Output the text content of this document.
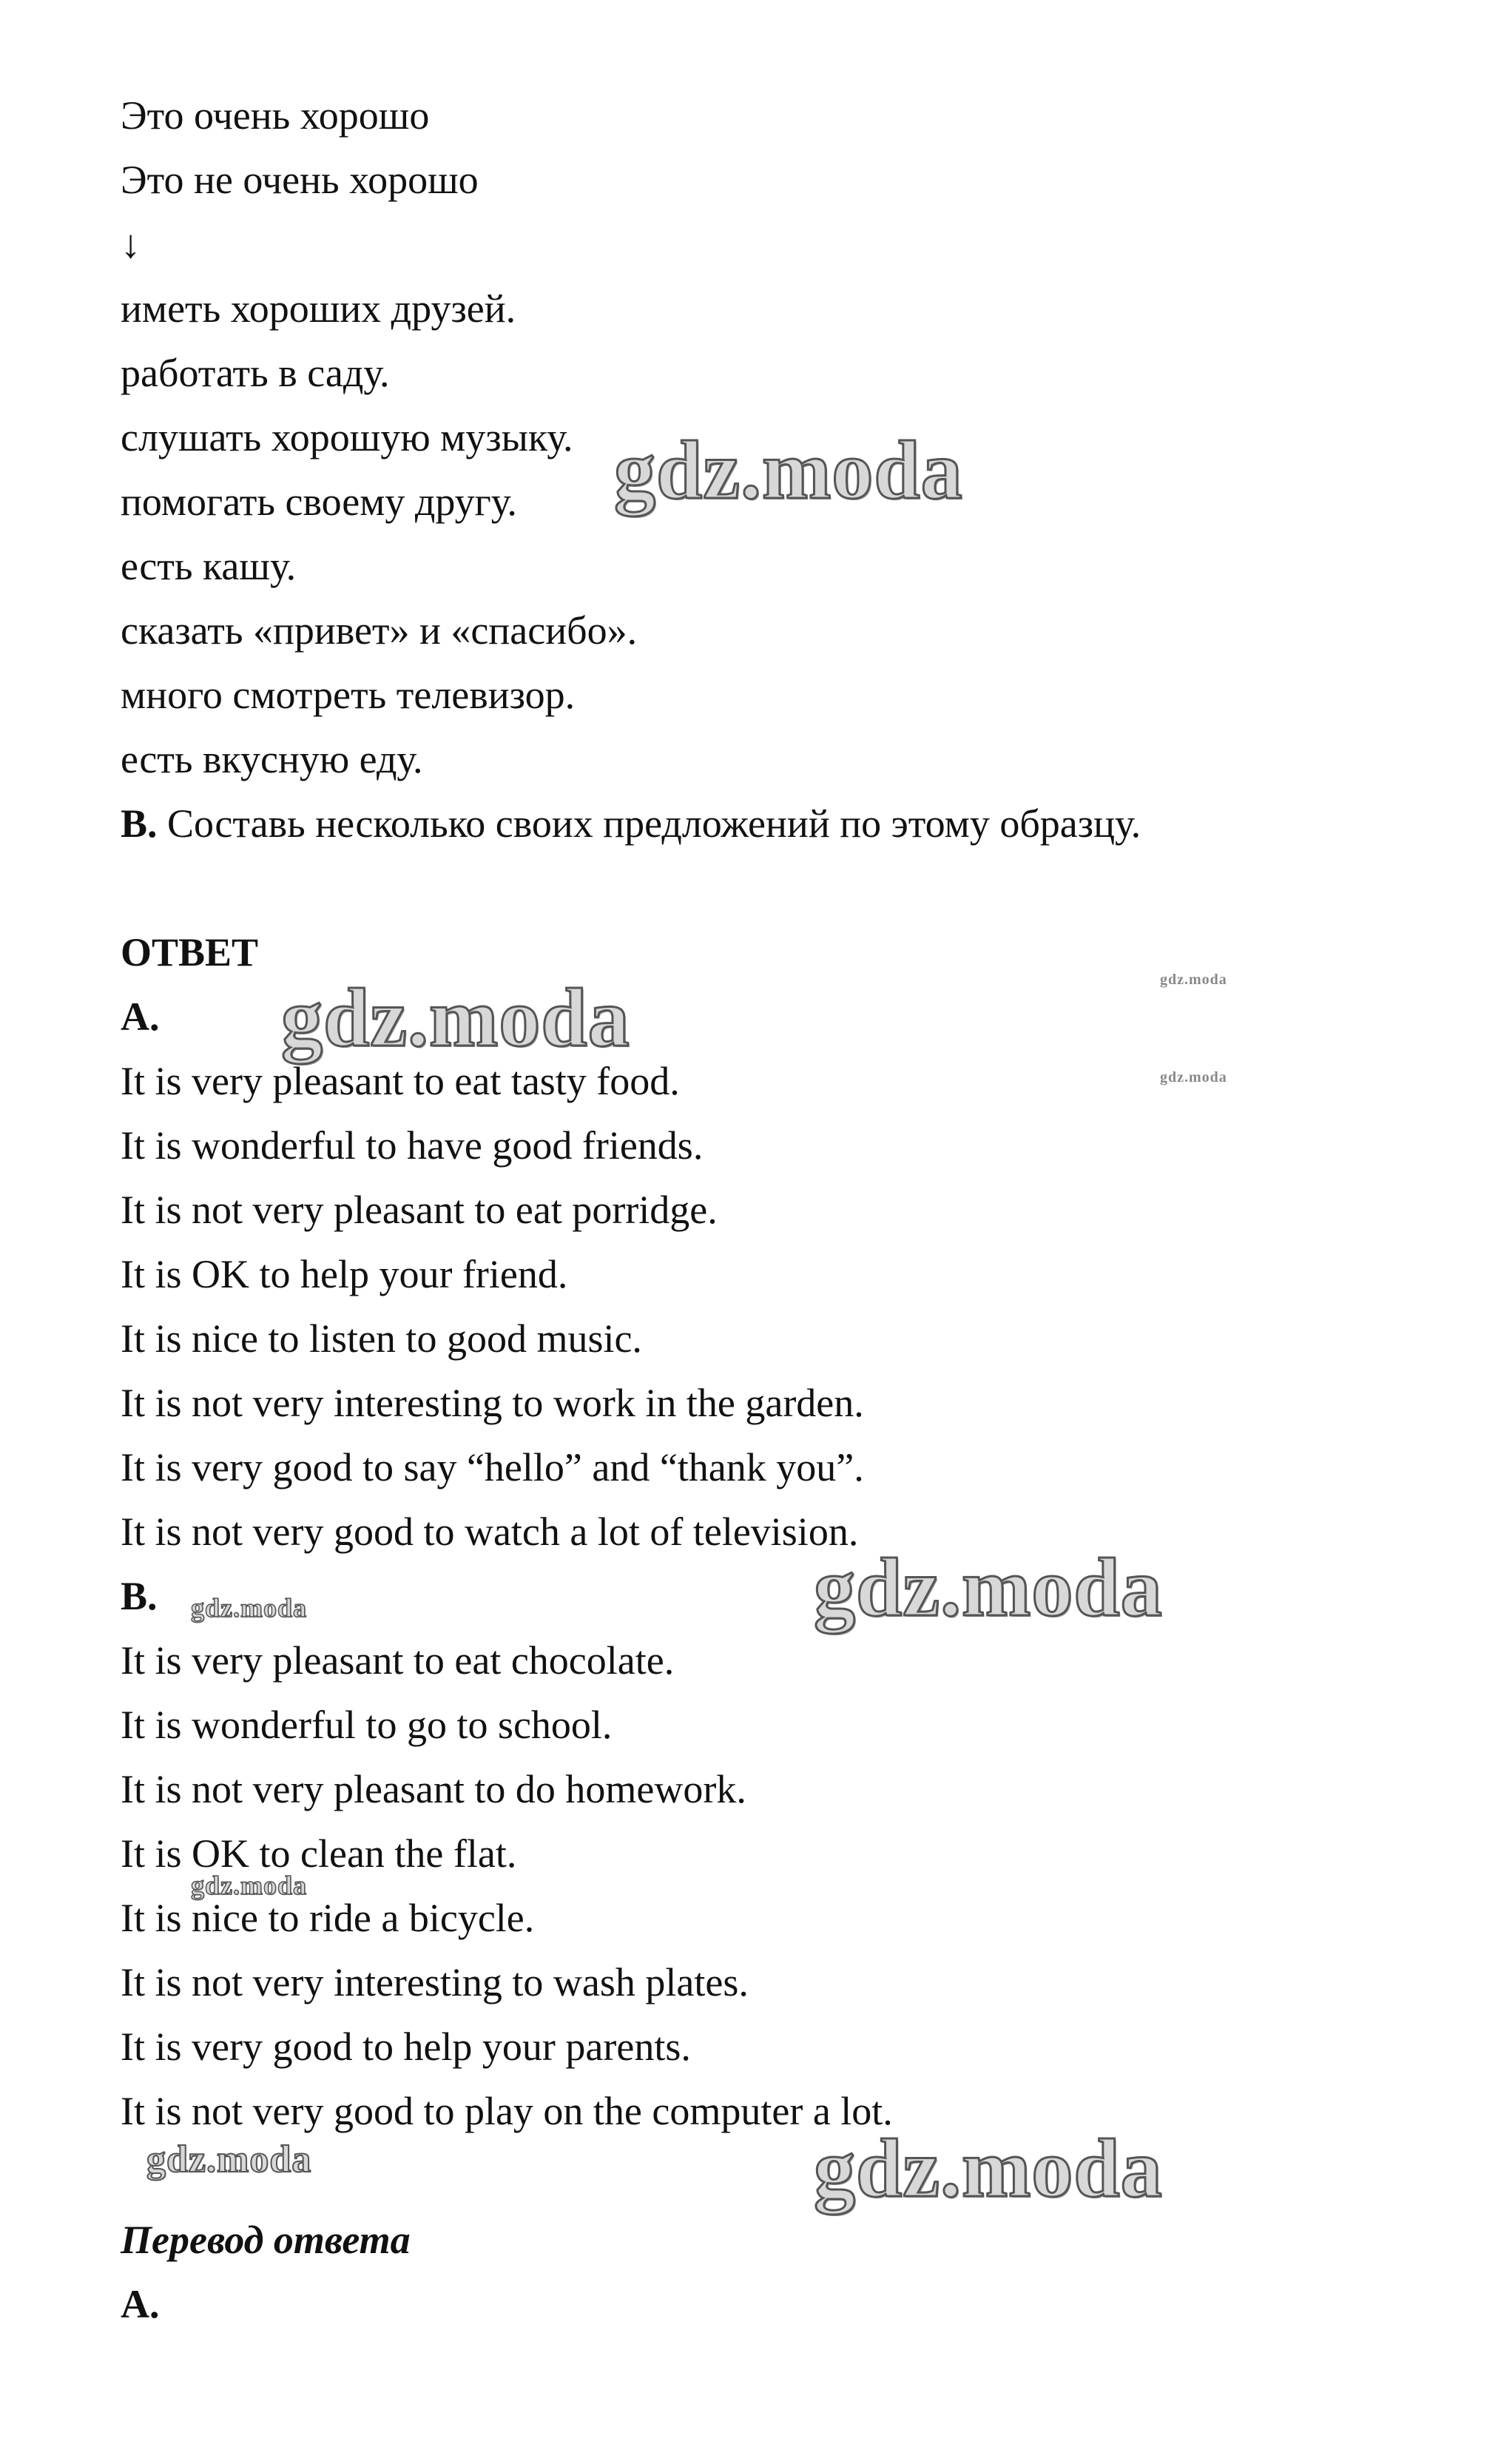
Это очень хорошо
Это не очень хорошо
↓
иметь хороших друзей.
работать в саду.
слушать хорошую музыку.
помогать своему другу.
есть кашу.
сказать «привет» и «спасибо».
много смотреть телевизор.
есть вкусную еду.
B. Составь несколько своих предложений по этому образцу.
ОТВЕТ
A.
It is very pleasant to eat tasty food.
It is wonderful to have good friends.
It is not very pleasant to eat porridge.
It is OK to help your friend.
It is nice to listen to good music.
It is not very interesting to work in the garden.
It is very good to say “hello” and “thank you”.
It is not very good to watch a lot of television.
B.
It is very pleasant to eat chocolate.
It is wonderful to go to school.
It is not very pleasant to do homework.
It is OK to clean the flat.
It is nice to ride a bicycle.
It is not very interesting to wash plates.
It is very good to help your parents.
It is not very good to play on the computer a lot.
Перевод ответа
A.
gdz.moda
gdz.moda	gdz.moda
gdz.moda
gdz.moda
gdz.moda
gdz.moda
gdz.moda	gdz.moda
